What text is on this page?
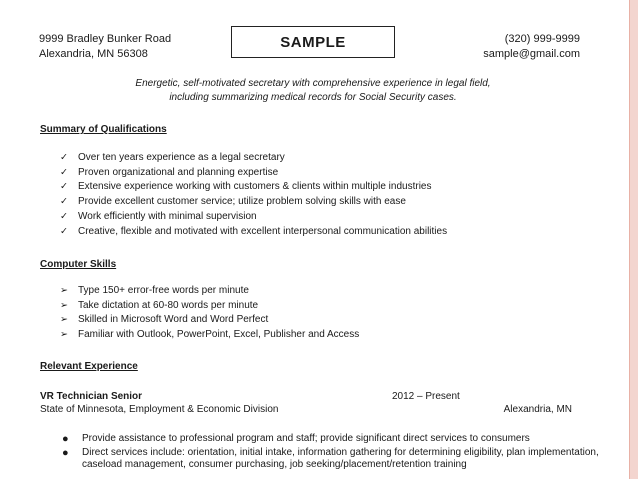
9999 Bradley Bunker Road
Alexandria, MN 56308
SAMPLE	(320) 999-9999
sample@gmail.com
Energetic, self-motivated secretary with comprehensive experience in legal field,
including summarizing medical records for Social Security cases.
Summary of Qualifications
✓	Over ten years experience as a legal secretary
✓	Proven organizational and planning expertise
✓	Extensive experience working with customers & clients within multiple industries
✓	Provide excellent customer service; utilize problem solving skills with ease
✓	Work efficiently with minimal supervision
✓	Creative, flexible and motivated with excellent interpersonal communication abilities
Computer Skills
➢	Type 150+ error-free words per minute
➢	Take dictation at 60-80 words per minute
➢	Skilled in Microsoft Word and Word Perfect
➢	Familiar with Outlook, PowerPoint, Excel, Publisher and Access
Relevant Experience
VR Technician Senior	2012 – Present
State of Minnesota, Employment & Economic Division	Alexandria, MN
●	Provide assistance to professional program and staff; provide significant direct services to consumers
●	Direct services include: orientation, initial intake, information gathering for determining eligibility, plan implementation, caseload management, consumer purchasing, job seeking/placement/retention training
